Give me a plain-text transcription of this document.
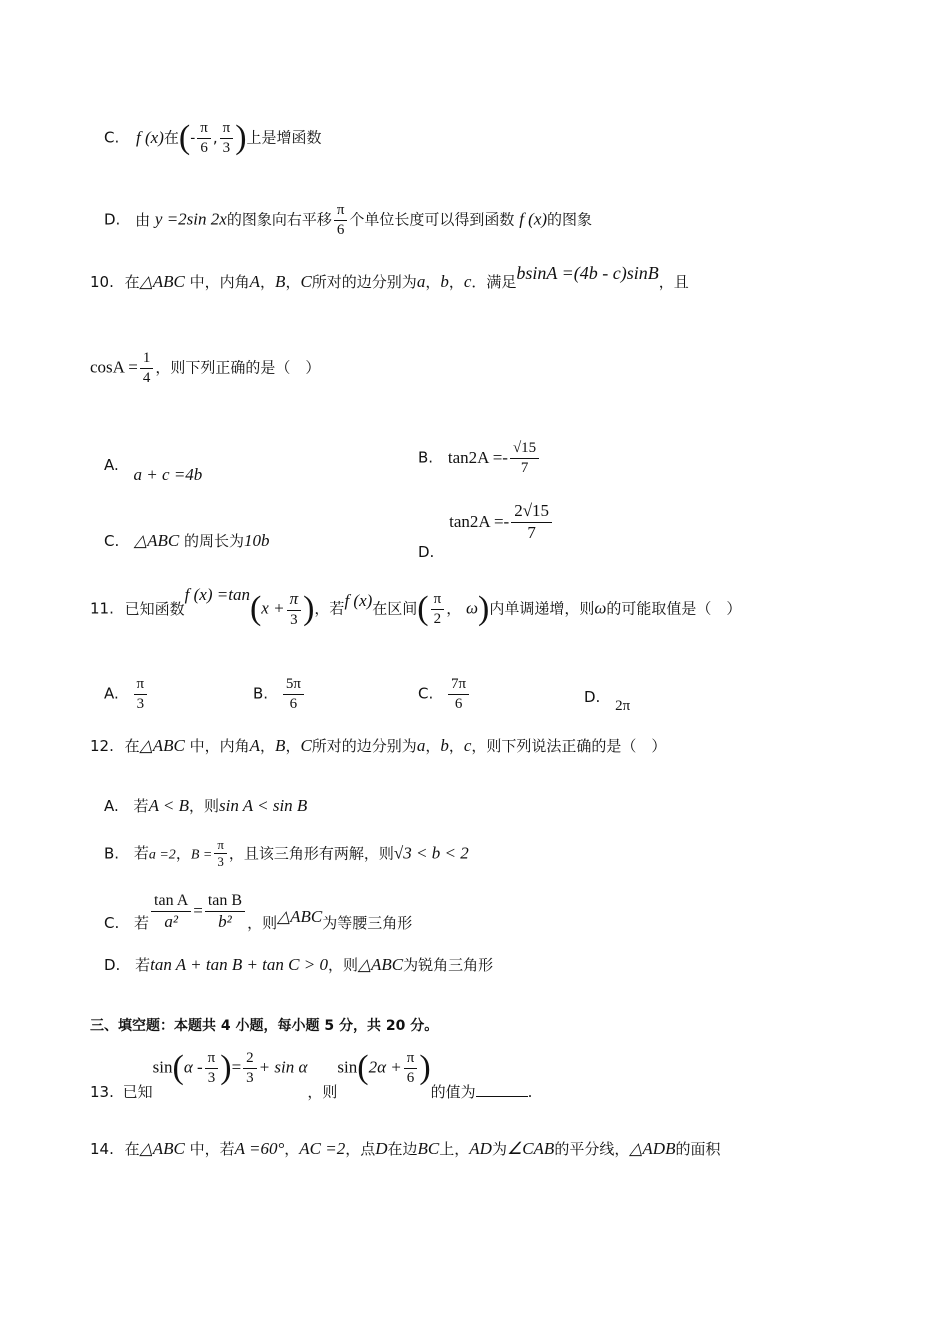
C. f (x)在(- $\frac{\pi}{6}$ , $\frac{\pi}{3}$ )上是增函数
D. 由 y =2sin 2x的图象向右平移 $\frac{\pi}{6}$ 个单位长度可以得到函数 f (x)的图象
10. 在△ABC 中，内角A，B，C所对的边分别为a，b，c．满足bsinA =(4b - c)sinB，且
$\cos A = \frac{1}{4}$ ，则下列正确的是（　）
A. a + c =4b
B. $\tan 2A =- \frac{√15}{7}$
C. △ABC 的周长为10b
D. $\tan 2A =- \frac{2√15}{7}$
11. 已知函数f $(x) =\tan(x + \frac{\pi}{3}$ )，若f (x)在区间( $\frac{\pi}{2}$ ， ω)内单调递增，则ω的可能取值是（　）
A. $\frac{\pi}{3}$	B. $\frac{5\pi}{6}$	C. $\frac{7\pi}{6}$	D. 2π
12. 在△ABC 中，内角A，B，C所对的边分别为a，b，c，则下列说法正确的是（　）
A. 若A < B，则sin A < sin B
B. 若a =2，$B = \frac{\pi}{3}$ ，且该三角形有两解，则√3 < b < 2
C. 若 $\frac{\text{tan A}}{\text{a²}} = \frac{\text{tan B}}{\text{b²}}$ ，则△ABC为等腰三角形
D. 若tan A + tan B + tan C > 0，则△ABC为锐角三角形
三、填空题：本题共 4 小题，每小题 5 分，共 20 分。
13. 已知$\sin(\alpha - \frac{\pi}{3}$ )= $\frac{2}{3} + \sin \alpha$，则$\sin(2\alpha + \frac{\pi}{6}$ )的值为	.
14. 在△ABC 中，若A =60°，AC =2，点D在边BC上，AD为∠CAB的平分线，△ADB的面积
